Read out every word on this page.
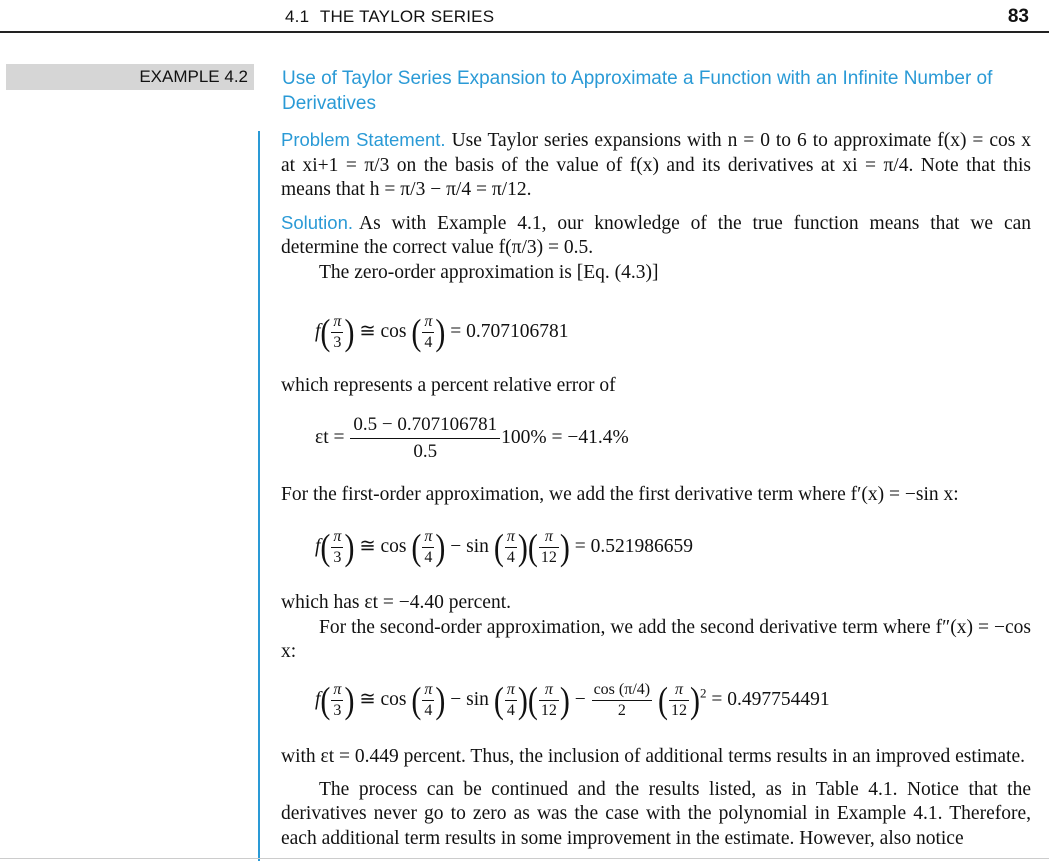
4.1 THE TAYLOR SERIES	83
EXAMPLE 4.2	Use of Taylor Series Expansion to Approximate a Function with an Infinite Number of Derivatives

Problem Statement. Use Taylor series expansions with n = 0 to 6 to approximate f(x) = cos x at xi+1 = π/3 on the basis of the value of f(x) and its derivatives at xi = π/4. Note that this means that h = π/3 − π/4 = π/12.

Solution. As with Example 4.1, our knowledge of the true function means that we can determine the correct value f(π/3) = 0.5.

The zero-order approximation is [Eq. (4.3)]

$f( \frac{\pi}{3}$ ) ≅ cos ( $\frac{\pi}{4}$ ) = 0.707106781

which represents a percent relative error of

$\varepsilon t = \frac{0.5 - 0.707106781}{0.5} 100\% = -41.4\%$

For the first-order approximation, we add the first derivative term where f′(x) = −sin x:

$f( \frac{\pi}{3}$ ) ≅ cos ( $\frac{\pi}{4}$ ) − sin ( $\frac{\pi}{4}$ )( $\frac{\pi}{12}$ ) = 0.521986659

which has εt = −4.40 percent.

For the second-order approximation, we add the second derivative term where f″(x) = −cos x:

$f( \frac{\pi}{3}$ ) ≅ cos ( $\frac{\pi}{4}$ ) − sin ( $\frac{\pi}{4}$ )( $\frac{\pi}{12}$ ) − $\frac{\cos (\pi/4)}{2}$ ( $\frac{\pi}{12} )^2 = 0.497754491$

with εt = 0.449 percent. Thus, the inclusion of additional terms results in an improved estimate.

The process can be continued and the results listed, as in Table 4.1. Notice that the derivatives never go to zero as was the case with the polynomial in Example 4.1. Therefore, each additional term results in some improvement in the estimate. However, also notice
